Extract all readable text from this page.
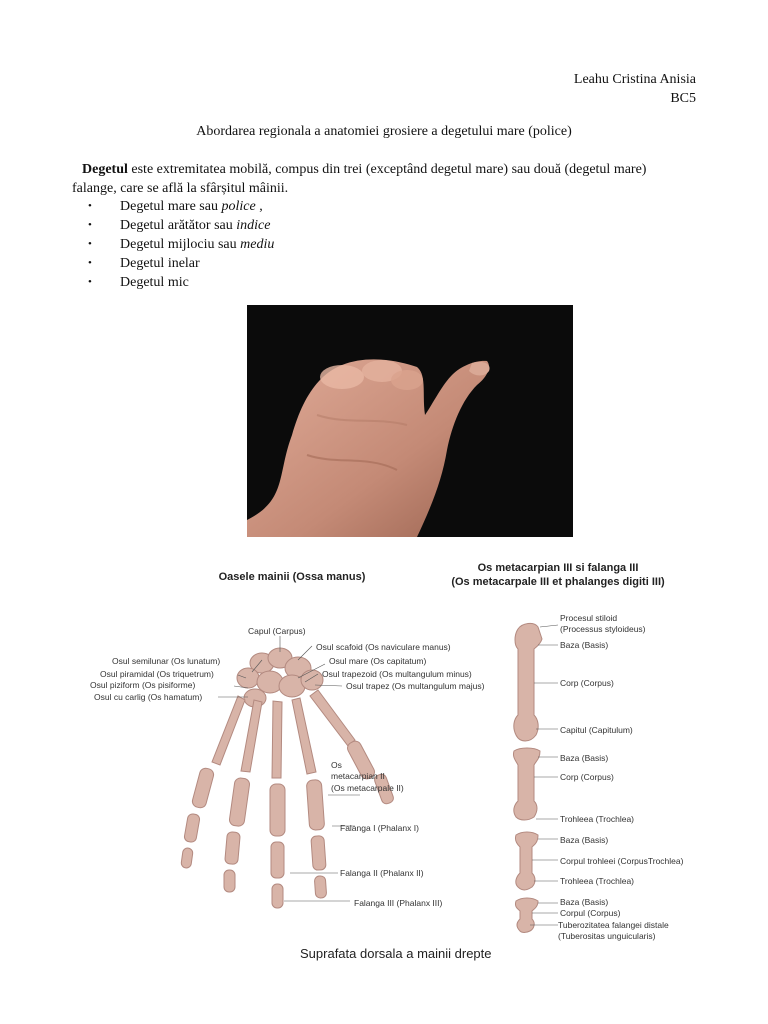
Leahu Cristina Anisia
BC5
Abordarea regionala a anatomiei grosiere a degetului mare (police)
Degetul este extremitatea mobilă, compus din trei (exceptând degetul mare) sau două (degetul mare) falange, care se află la sfârșitul mâinii.
• Degetul mare sau police ,
• Degetul arătător sau indice
• Degetul mijlociu sau mediu
• Degetul inelar
• Degetul mic
Oasele mainii (Ossa manus)
Capul (Carpus)
Osul scafoid (Os naviculare manus)
Osul semilunar (Os lunatum)	Osul mare (Os capitatum)
Osul piramidal (Os triquetrum)	Osul trapezoid (Os multangulum minus)
Osul piziform (Os pisiforme)	Osul trapez (Os multangulum majus)
Osul cu carlig (Os hamatum)
Os
metacarpian II
(Os metacarpale II)
Falanga I (Phalanx I)
Falanga II (Phalanx II)
Falanga III (Phalanx III)
Os metacarpian III si falanga III
(Os metacarpale III et phalanges digiti III)
Procesul stiloid
(Processus styloideus)
Baza (Basis)
Corp (Corpus)
Capitul (Capitulum)
Baza (Basis)
Corp (Corpus)
Trohleea (Trochlea)
Baza (Basis)
Corpul trohleei (CorpusTrochlea)
Trohleea (Trochlea)
Baza (Basis)
Corpul (Corpus)
Tuberozitatea falangei distale
(Tuberositas unguicularis)
Suprafata dorsala a mainii drepte
